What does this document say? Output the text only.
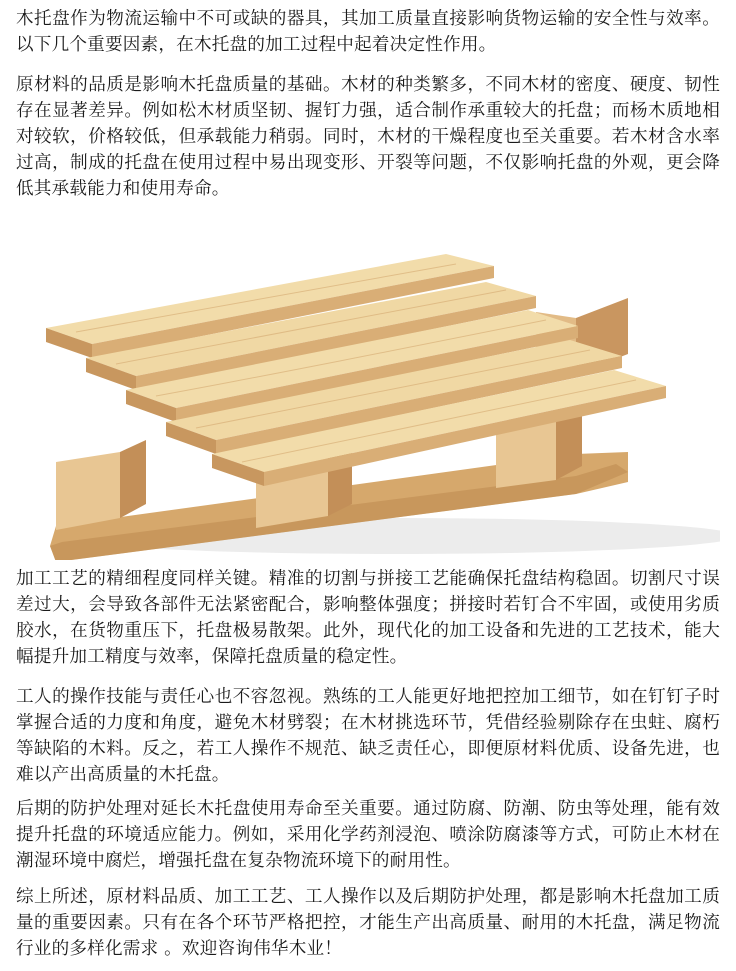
木托盘作为物流运输中不可或缺的器具，其加工质量直接影响货物运输的安全性与效率。以下几个重要因素，在木托盘的加工过程中起着决定性作用。

原材料的品质是影响木托盘质量的基础。木材的种类繁多，不同木材的密度、硬度、韧性存在显著差异。例如松木材质坚韧、握钉力强，适合制作承重较大的托盘；而杨木质地相对较软，价格较低，但承载能力稍弱。同时，木材的干燥程度也至关重要。若木材含水率过高，制成的托盘在使用过程中易出现变形、开裂等问题，不仅影响托盘的外观，更会降低其承载能力和使用寿命。

加工工艺的精细程度同样关键。精准的切割与拼接工艺能确保托盘结构稳固。切割尺寸误差过大，会导致各部件无法紧密配合，影响整体强度；拼接时若钉合不牢固，或使用劣质胶水，在货物重压下，托盘极易散架。此外，现代化的加工设备和先进的工艺技术，能大幅提升加工精度与效率，保障托盘质量的稳定性。

工人的操作技能与责任心也不容忽视。熟练的工人能更好地把控加工细节，如在钉钉子时掌握合适的力度和角度，避免木材劈裂；在木材挑选环节，凭借经验剔除存在虫蛀、腐朽等缺陷的木料。反之，若工人操作不规范、缺乏责任心，即便原材料优质、设备先进，也难以产出高质量的木托盘。

后期的防护处理对延长木托盘使用寿命至关重要。通过防腐、防潮、防虫等处理，能有效提升托盘的环境适应能力。例如，采用化学药剂浸泡、喷涂防腐漆等方式，可防止木材在潮湿环境中腐烂，增强托盘在复杂物流环境下的耐用性。

综上所述，原材料品质、加工工艺、工人操作以及后期防护处理，都是影响木托盘加工质量的重要因素。只有在各个环节严格把控，才能生产出高质量、耐用的木托盘，满足物流行业的多样化需求 。欢迎咨询伟华木业！
